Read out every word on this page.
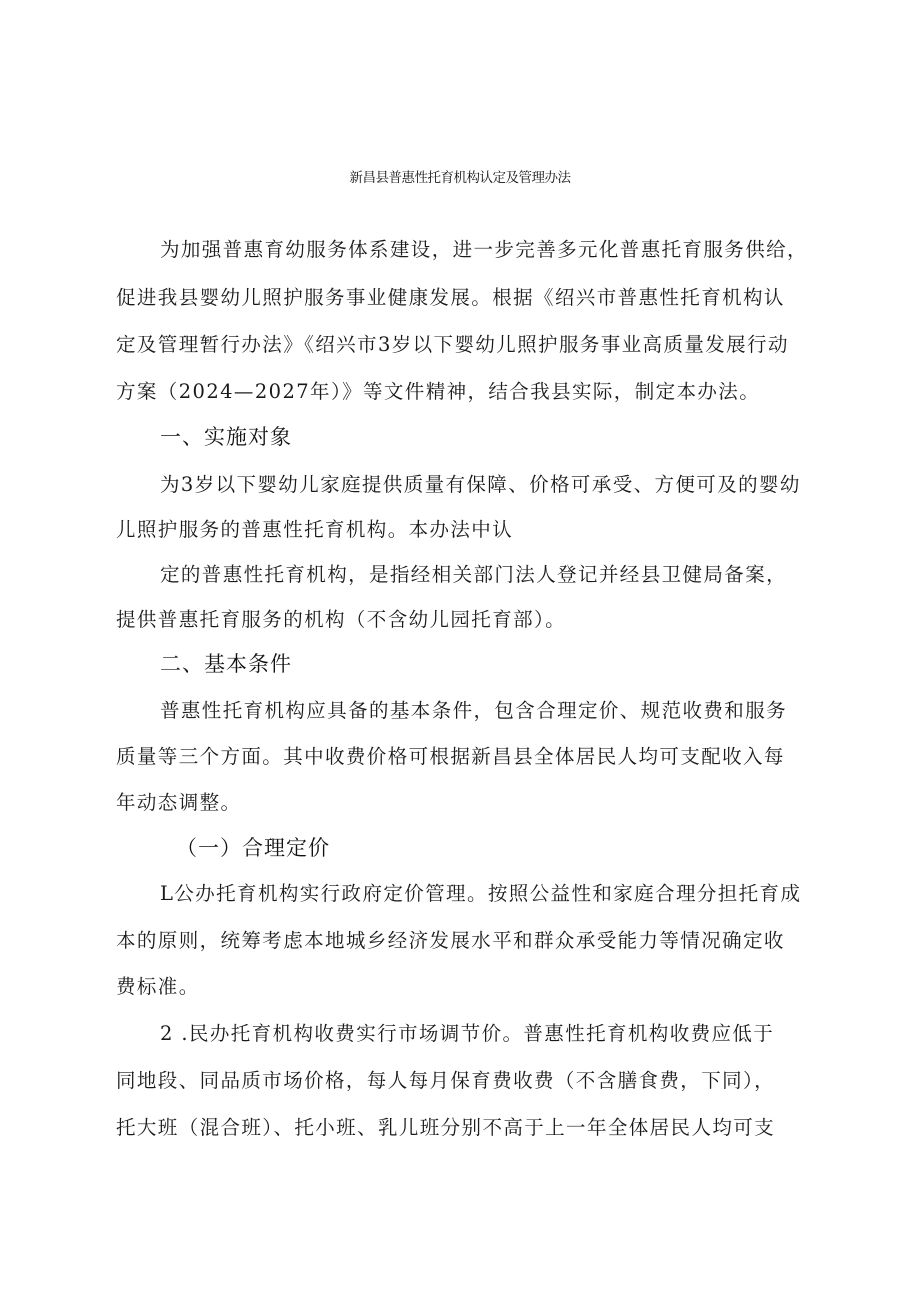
新昌县普惠性托育机构认定及管理办法
为加强普惠育幼服务体系建设，进一步完善多元化普惠托育服务供给，
促进我县婴幼儿照护服务事业健康发展。根据《绍兴市普惠性托育机构认
定及管理暂行办法》《绍兴市3岁以下婴幼儿照护服务事业高质量发展行动
方案（2024—2027年）》等文件精神，结合我县实际，制定本办法。
一、实施对象
为3岁以下婴幼儿家庭提供质量有保障、价格可承受、方便可及的婴幼
儿照护服务的普惠性托育机构。本办法中认
定的普惠性托育机构，是指经相关部门法人登记并经县卫健局备案，
提供普惠托育服务的机构（不含幼儿园托育部）。
二、基本条件
普惠性托育机构应具备的基本条件，包含合理定价、规范收费和服务
质量等三个方面。其中收费价格可根据新昌县全体居民人均可支配收入每
年动态调整。
（一）合理定价
L公办托育机构实行政府定价管理。按照公益性和家庭合理分担托育成
本的原则，统筹考虑本地城乡经济发展水平和群众承受能力等情况确定收
费标准。
2 .民办托育机构收费实行市场调节价。普惠性托育机构收费应低于
同地段、同品质市场价格，每人每月保育费收费（不含膳食费，下同），
托大班（混合班）、托小班、乳儿班分别不高于上一年全体居民人均可支
